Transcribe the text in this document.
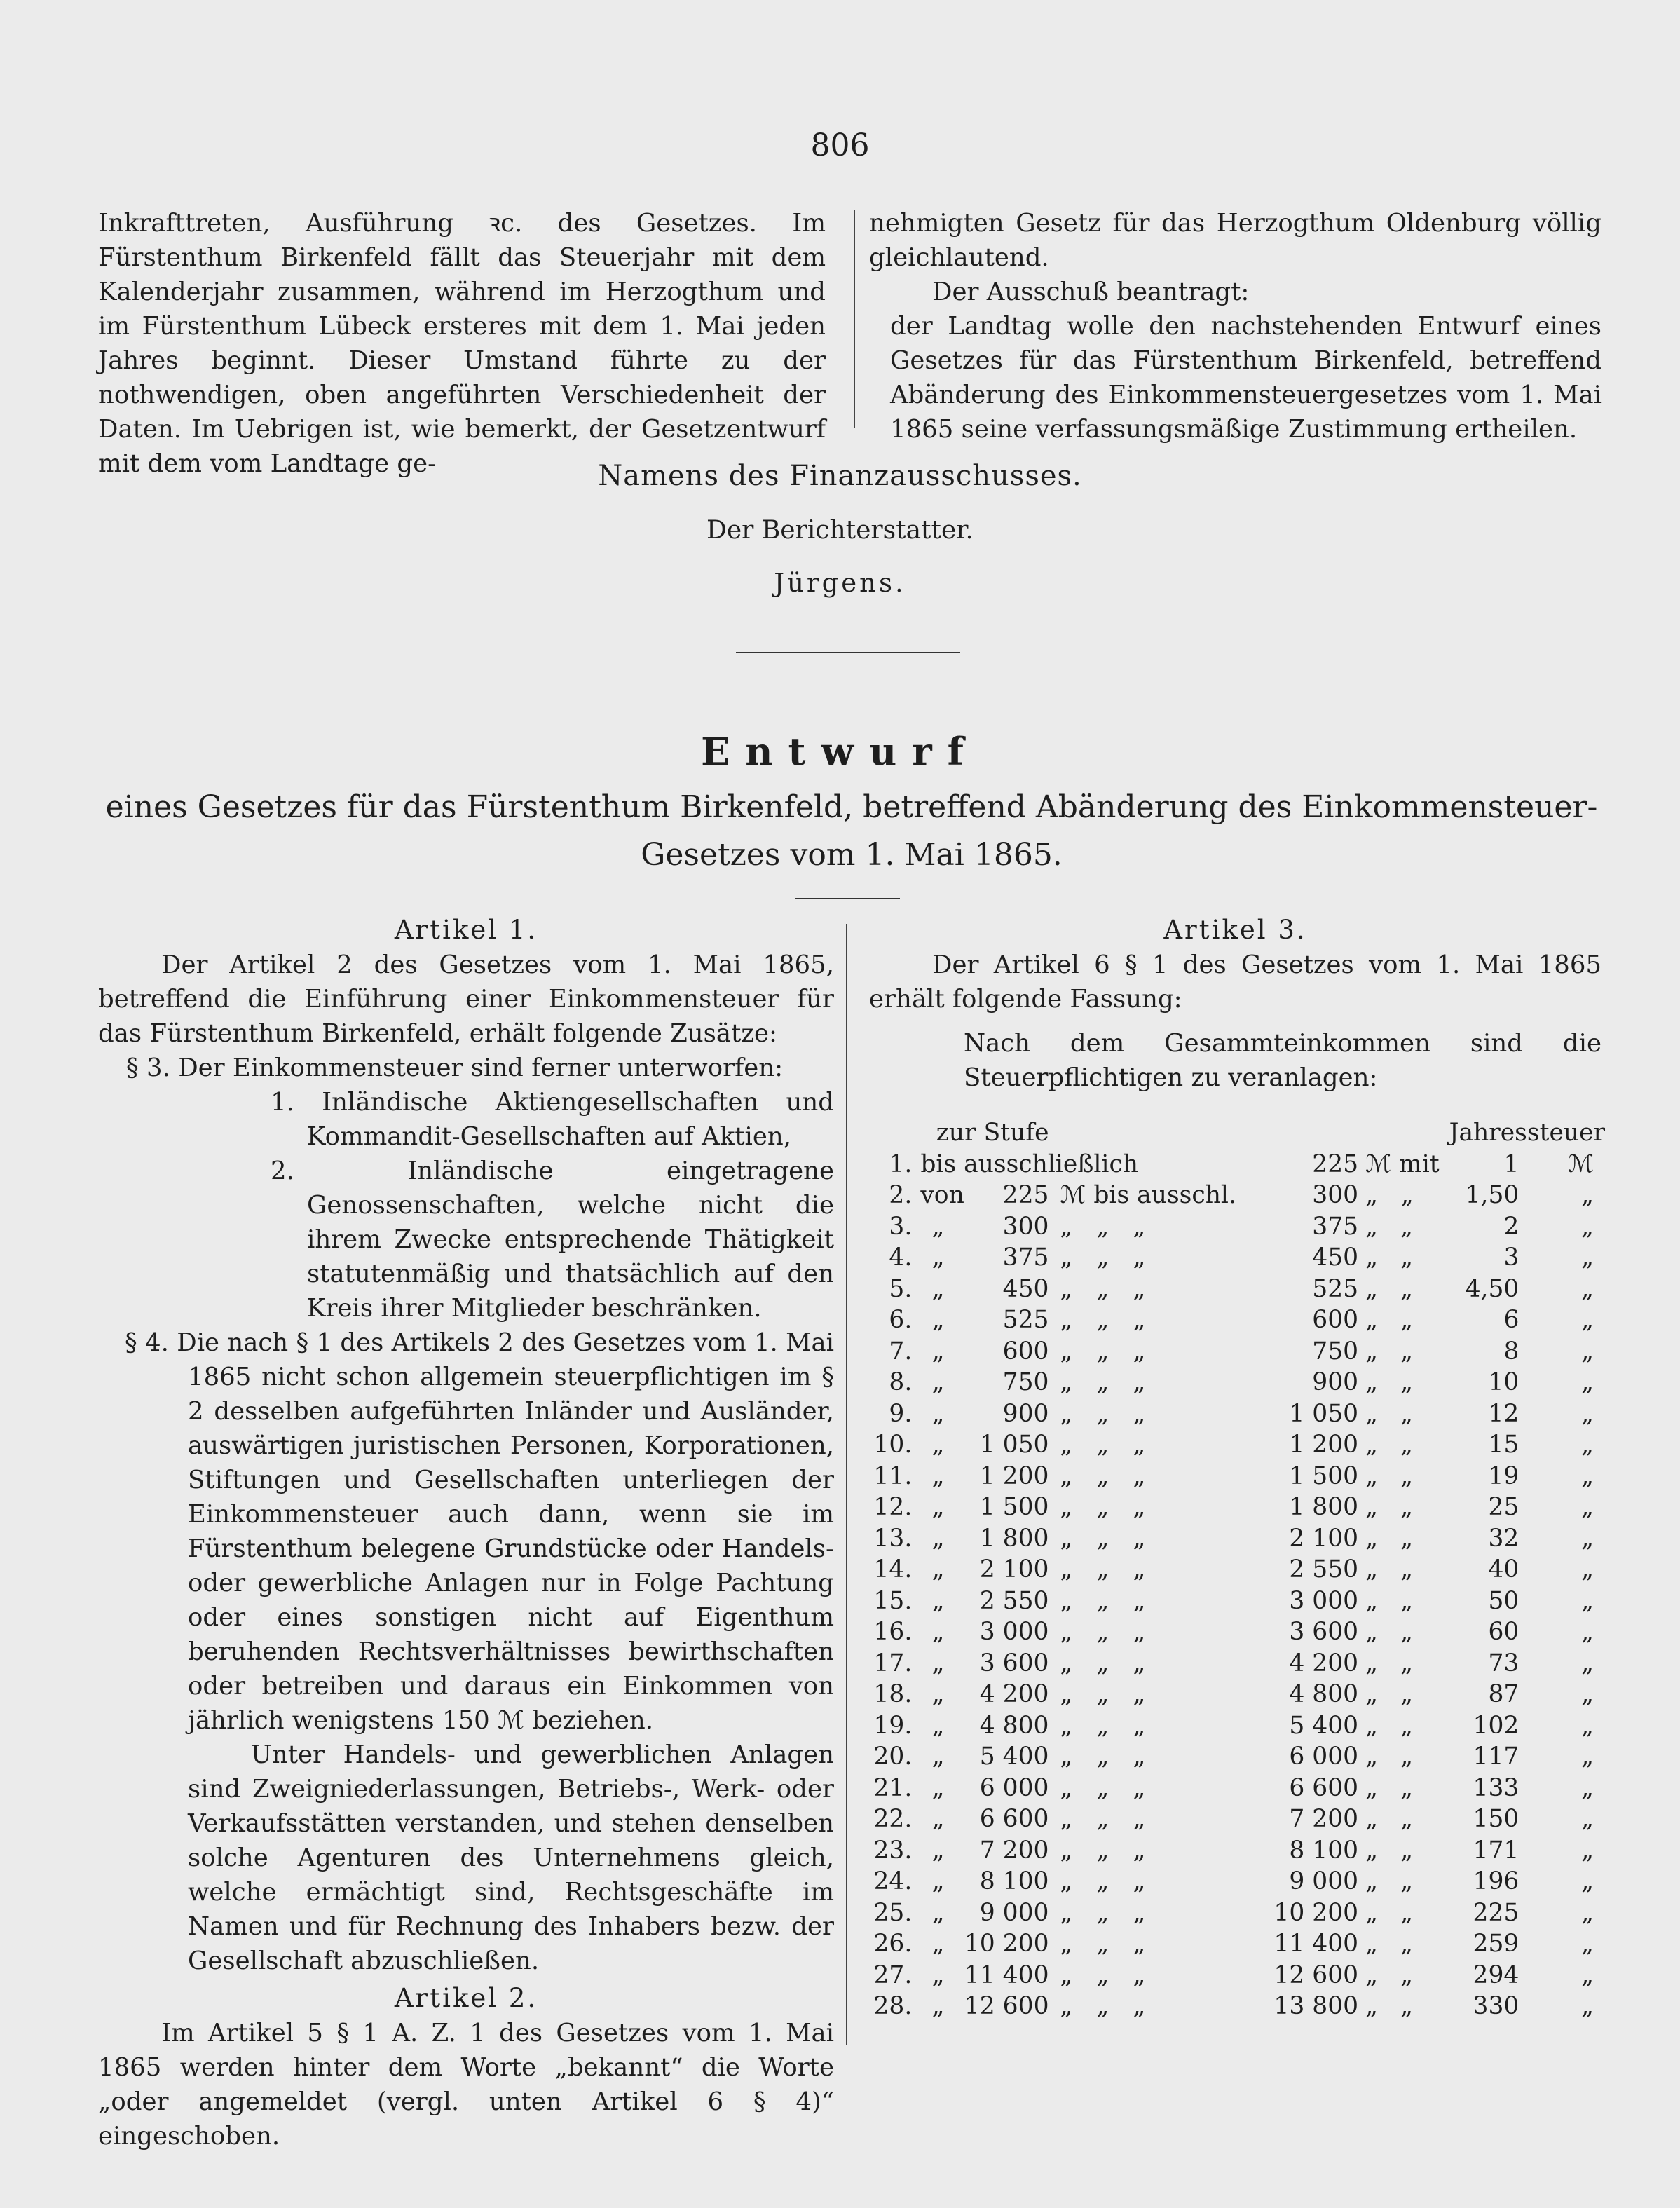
806

Inkrafttreten, Ausführung ꝛc. des Gesetzes. Im Fürstenthum Birkenfeld fällt das Steuerjahr mit dem Kalenderjahr zusammen, während im Herzogthum und im Fürstenthum Lübeck ersteres mit dem 1. Mai jeden Jahres beginnt. Dieser Umstand führte zu der nothwendigen, oben angeführten Verschiedenheit der Daten. Im Uebrigen ist, wie bemerkt, der Gesetzentwurf mit dem vom Landtage ge-

nehmigten Gesetz für das Herzogthum Oldenburg völlig gleichlautend.

Der Ausschuß beantragt:

der Landtag wolle den nachstehenden Entwurf eines Gesetzes für das Fürstenthum Birkenfeld, betreffend Abänderung des Einkommensteuergesetzes vom 1. Mai 1865 seine verfassungsmäßige Zustimmung ertheilen.

Namens des Finanzausschusses.
Der Berichterstatter.
Jürgens.
Entwurf
eines Gesetzes für das Fürstenthum Birkenfeld, betreffend Abänderung des Einkommensteuer-Gesetzes vom 1. Mai 1865.

Artikel 1.

Der Artikel 2 des Gesetzes vom 1. Mai 1865, betreffend die Einführung einer Einkommensteuer für das Fürstenthum Birkenfeld, erhält folgende Zusätze:

§ 3. Der Einkommensteuer sind ferner unterworfen:

1. Inländische Aktiengesellschaften und Kommandit-Gesellschaften auf Aktien,

2. Inländische eingetragene Genossenschaften, welche nicht die ihrem Zwecke entsprechende Thätigkeit statutenmäßig und thatsächlich auf den Kreis ihrer Mitglieder beschränken.

§ 4. Die nach § 1 des Artikels 2 des Gesetzes vom 1. Mai 1865 nicht schon allgemein steuerpflichtigen im § 2 desselben aufgeführten Inländer und Ausländer, auswärtigen juristischen Personen, Korporationen, Stiftungen und Gesellschaften unterliegen der Einkommensteuer auch dann, wenn sie im Fürstenthum belegene Grundstücke oder Handels- oder gewerbliche Anlagen nur in Folge Pachtung oder eines sonstigen nicht auf Eigenthum beruhenden Rechtsverhältnisses bewirthschaften oder betreiben und daraus ein Einkommen von jährlich wenigstens 150 ℳ beziehen.

Unter Handels- und gewerblichen Anlagen sind Zweigniederlassungen, Betriebs-, Werk- oder Verkaufsstätten verstanden, und stehen denselben solche Agenturen des Unternehmens gleich, welche ermächtigt sind, Rechtsgeschäfte im Namen und für Rechnung des Inhabers bezw. der Gesellschaft abzuschließen.

Artikel 2.

Im Artikel 5 § 1 A. Z. 1 des Gesetzes vom 1. Mai 1865 werden hinter dem Worte „bekannt“ die Worte „oder angemeldet (vergl. unten Artikel 6 § 4)“ eingeschoben.

Artikel 3.

Der Artikel 6 § 1 des Gesetzes vom 1. Mai 1865 erhält folgende Fassung:

Nach dem Gesammteinkommen sind die Steuerpflichtigen zu veranlagen:

zur Stufe						Jahressteuer	
1.	bis ausschließlich			225	ℳ mit	1	ℳ
2.	von	225	ℳ bis ausschl.	300	„ „	1,50	„
3.	„	300	„ „ „	375	„ „	2	„
4.	„	375	„ „ „	450	„ „	3	„
5.	„	450	„ „ „	525	„ „	4,50	„
6.	„	525	„ „ „	600	„ „	6	„
7.	„	600	„ „ „	750	„ „	8	„
8.	„	750	„ „ „	900	„ „	10	„
9.	„	900	„ „ „	1 050	„ „	12	„
10.	„	1 050	„ „ „	1 200	„ „	15	„
11.	„	1 200	„ „ „	1 500	„ „	19	„
12.	„	1 500	„ „ „	1 800	„ „	25	„
13.	„	1 800	„ „ „	2 100	„ „	32	„
14.	„	2 100	„ „ „	2 550	„ „	40	„
15.	„	2 550	„ „ „	3 000	„ „	50	„
16.	„	3 000	„ „ „	3 600	„ „	60	„
17.	„	3 600	„ „ „	4 200	„ „	73	„
18.	„	4 200	„ „ „	4 800	„ „	87	„
19.	„	4 800	„ „ „	5 400	„ „	102	„
20.	„	5 400	„ „ „	6 000	„ „	117	„
21.	„	6 000	„ „ „	6 600	„ „	133	„
22.	„	6 600	„ „ „	7 200	„ „	150	„
23.	„	7 200	„ „ „	8 100	„ „	171	„
24.	„	8 100	„ „ „	9 000	„ „	196	„
25.	„	9 000	„ „ „	10 200	„ „	225	„
26.	„	10 200	„ „ „	11 400	„ „	259	„
27.	„	11 400	„ „ „	12 600	„ „	294	„
28.	„	12 600	„ „ „	13 800	„ „	330	„
